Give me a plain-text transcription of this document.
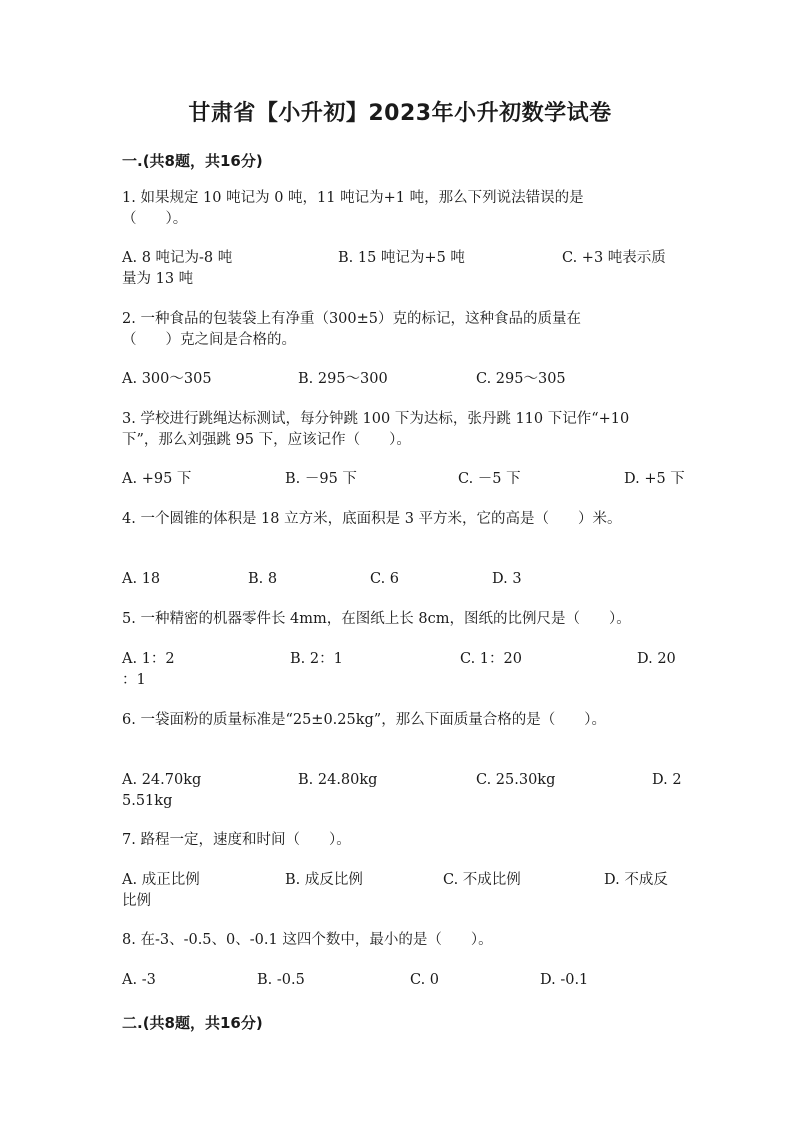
甘肃省【小升初】2023年小升初数学试卷
一.(共8题，共16分)
1. 如果规定 10 吨记为 0 吨，11 吨记为+1 吨，那么下列说法错误的是
（　　）。
A. 8 吨记为-8 吨	B. 15 吨记为+5 吨	C. +3 吨表示质
量为 13 吨
2. 一种食品的包装袋上有净重（300±5）克的标记，这种食品的质量在
（　　）克之间是合格的。
A. 300～305	B. 295～300	C. 295～305
3. 学校进行跳绳达标测试，每分钟跳 100 下为达标，张丹跳 110 下记作“+10
下”，那么刘强跳 95 下，应该记作（　　）。
A. +95 下	B. －95 下	C. －5 下	D. +5 下
4. 一个圆锥的体积是 18 立方米，底面积是 3 平方米，它的高是（　　）米。
A. 18	B. 8	C. 6	D. 3
5. 一种精密的机器零件长 4mm，在图纸上长 8cm，图纸的比例尺是（　　）。
A. 1：2	B. 2：1	C. 1：20	D. 20
：1
6. 一袋面粉的质量标准是“25±0.25kg”，那么下面质量合格的是（　　）。
A. 24.70kg	B. 24.80kg	C. 25.30kg	D. 2
5.51kg
7. 路程一定，速度和时间（　　）。
A. 成正比例	B. 成反比例	C. 不成比例	D. 不成反
比例
8. 在-3、-0.5、0、-0.1 这四个数中，最小的是（　　）。
A. -3	B. -0.5	C. 0	D. -0.1
二.(共8题，共16分)
